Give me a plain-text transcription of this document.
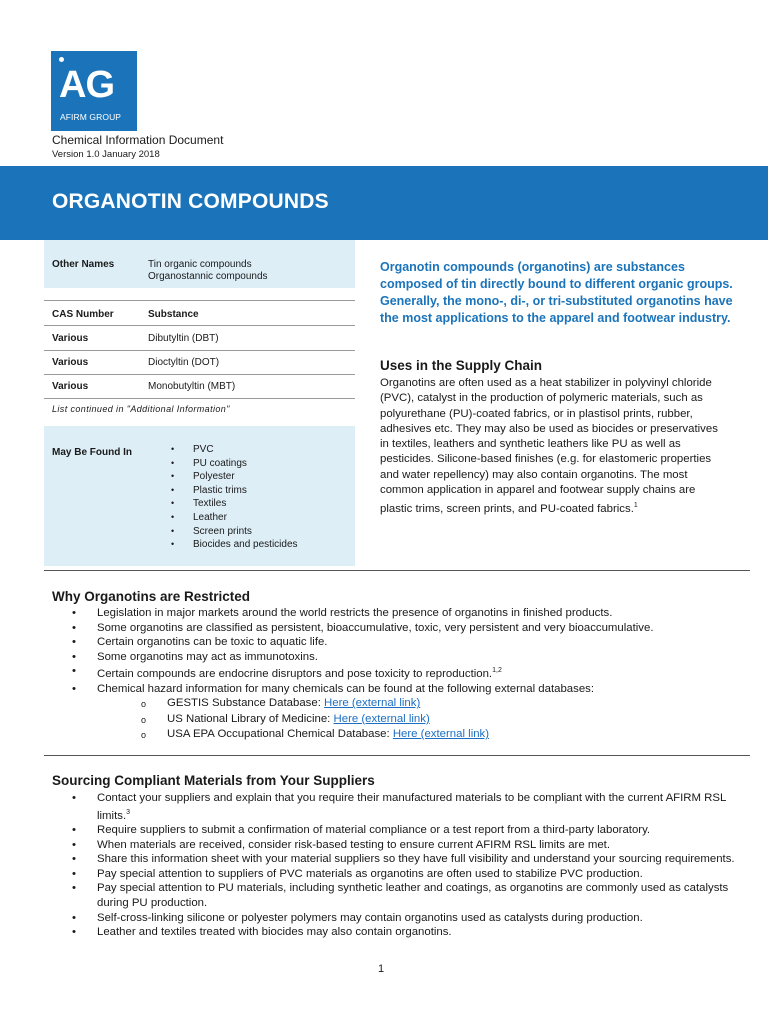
AG
AFIRM GROUP
Chemical Information Document
Version 1.0 January 2018
ORGANOTIN COMPOUNDS
Other Names	Tin organic compounds
Organostannic compounds
CAS Number	Substance
Various	Dibutyltin (DBT)
Various	Dioctyltin (DOT)
Various	Monobutyltin (MBT)
List continued in "Additional Information"
May Be Found In
•	PVC
• PU coatings
• Polyester
• Plastic trims
• Textiles
• Leather
• Screen prints
• Biocides and pesticides
Organotin compounds (organotins) are substances composed of tin directly bound to different organic groups. Generally, the mono-, di-, or tri-substituted organotins have the most applications to the apparel and footwear industry.
Uses in the Supply Chain
Organotins are often used as a heat stabilizer in polyvinyl chloride (PVC), catalyst in the production of polymeric materials, such as polyurethane (PU)-coated fabrics, or in plastisol prints, rubber, adhesives etc. They may also be used as biocides or preservatives in textiles, leathers and synthetic leathers like PU as well as pesticides. Silicone-based finishes (e.g. for elastomeric properties and water repellency) may also contain organotins. The most common application in apparel and footwear supply chains are plastic trims, screen prints, and PU-coated fabrics.$^1$
Why Organotins are Restricted
• Legislation in major markets around the world restricts the presence of organotins in finished products.
• Some organotins are classified as persistent, bioaccumulative, toxic, very persistent and very bioaccumulative.
• Certain organotins can be toxic to aquatic life.
• Some organotins may act as immunotoxins.
• Certain compounds are endocrine disruptors and pose toxicity to reproduction.$^{1,2}$
• Chemical hazard information for many chemicals can be found at the following external databases:
o GESTIS Substance Database: Here (external link)
o US National Library of Medicine: Here (external link)
o USA EPA Occupational Chemical Database: Here (external link)
Sourcing Compliant Materials from Your Suppliers
• Contact your suppliers and explain that you require their manufactured materials to be compliant with the current AFIRM RSL limits.$^3$
• Require suppliers to submit a confirmation of material compliance or a test report from a third-party laboratory.
• When materials are received, consider risk-based testing to ensure current AFIRM RSL limits are met.
• Share this information sheet with your material suppliers so they have full visibility and understand your sourcing requirements.
• Pay special attention to suppliers of PVC materials as organotins are often used to stabilize PVC production.
• Pay special attention to PU materials, including synthetic leather and coatings, as organotins are commonly used as catalysts during PU production.
• Self-cross-linking silicone or polyester polymers may contain organotins used as catalysts during production.
• Leather and textiles treated with biocides may also contain organotins.
1
